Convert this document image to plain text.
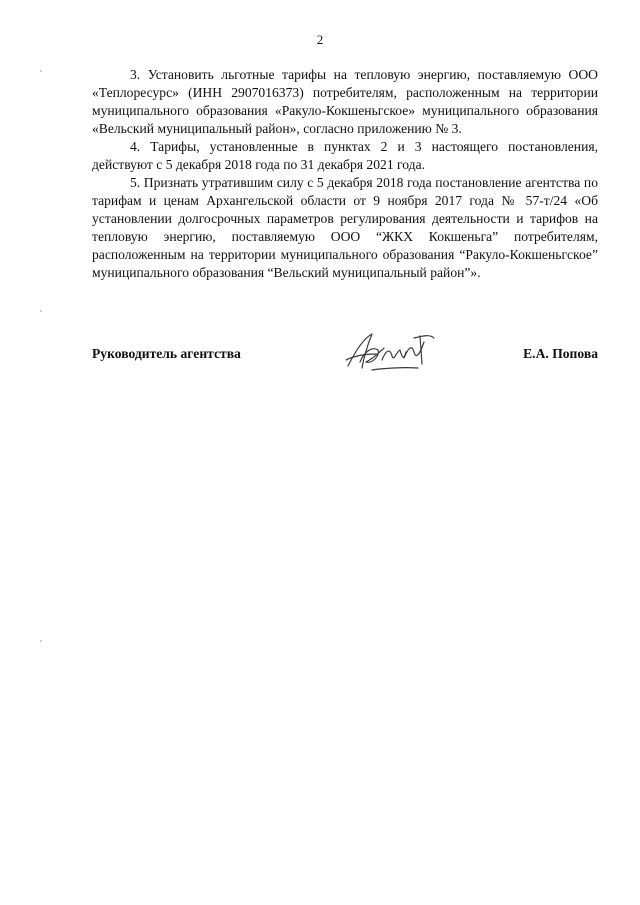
2

3. Установить льготные тарифы на тепловую энергию, поставляемую ООО «Теплоресурс» (ИНН 2907016373) потребителям, расположенным на территории муниципального образования «Ракуло-Кокшеньгское» муниципального образования «Вельский муниципальный район», согласно приложению № 3.

4. Тарифы, установленные в пунктах 2 и 3 настоящего постановления, действуют с 5 декабря 2018 года по 31 декабря 2021 года.

5. Признать утратившим силу с 5 декабря 2018 года постановление агентства по тарифам и ценам Архангельской области от 9 ноября 2017 года № 57-т/24 «Об установлении долгосрочных параметров регулирования деятельности и тарифов на тепловую энергию, поставляемую ООО “ЖКХ Кокшеньга” потребителям, расположенным на территории муниципального образования “Ракуло-Кокшеньгское” муниципального образования “Вельский муниципальный район”».

Руководитель агентства	Е.А. Попова
